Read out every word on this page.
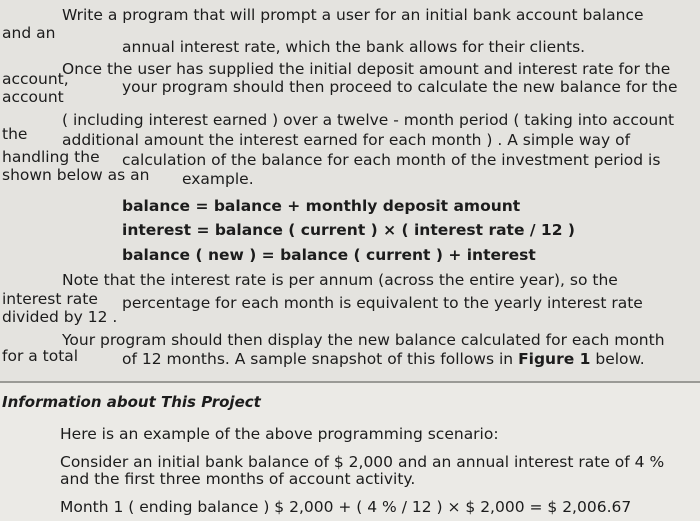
Write a program that will prompt a user for an initial bank account balance

and an

annual interest rate, which the bank allows for their clients.

Once the user has supplied the initial deposit amount and interest rate for the

account,	your program should then proceed to calculate the new balance for the

account

( including interest earned ) over a twelve - month period ( taking into account

the additional amount the interest earned for each month ) . A simple way of

handling the calculation of the balance for each month of the investment period is

shown below as an example.

balance = balance + monthly deposit amount

interest = balance ( current ) × ( interest rate / 12 )

balance ( new ) = balance ( current ) + interest

Note that the interest rate is per annum (across the entire year), so the

interest rate percentage for each month is equivalent to the yearly interest rate

divided by 12 .

Your program should then display the new balance calculated for each month

for a total	of 12 months. A sample snapshot of this follows in Figure 1 below.

Information about This Project

Here is an example of the above programming scenario:

Consider an initial bank balance of $ 2,000 and an annual interest rate of 4 %

and the first three months of account activity.

Month 1 ( ending balance ) $ 2,000 + ( 4 % / 12 ) × $ 2,000 = $ 2,006.67
